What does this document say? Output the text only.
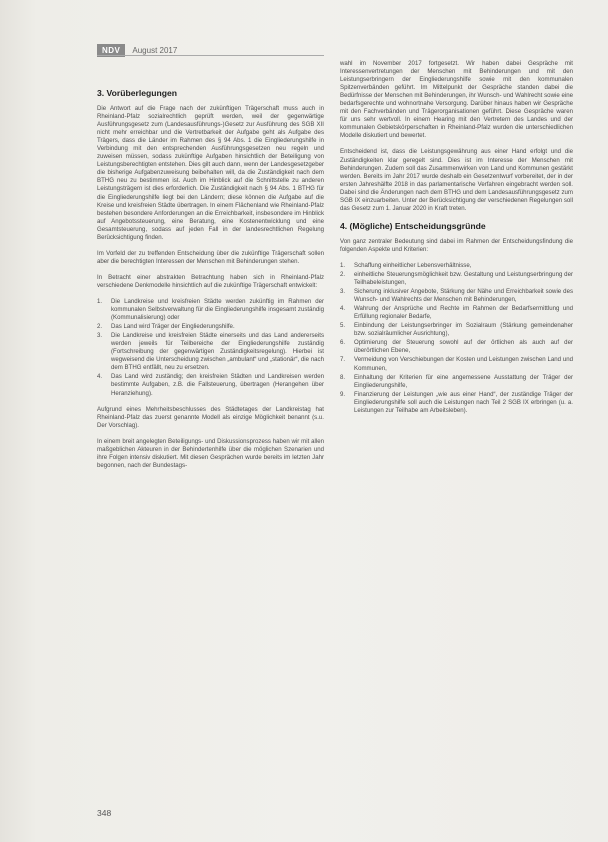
NDV	August 2017
3. Vorüberlegungen

Die Antwort auf die Frage nach der zukünftigen Trägerschaft muss auch in Rheinland-Pfalz sozialrechtlich geprüft werden, weil der gegenwärtige Ausführungsgesetz zum (Landesausführungs-)Gesetz zur Ausführung des SGB XII nicht mehr erreichbar und die Vertretbarkeit der Aufgabe geht als Aufgabe des Trägers, dass die Länder im Rahmen des § 94 Abs. 1 die Eingliederungshilfe in Verbindung mit den entsprechenden Ausführungsgesetzen neu regeln und zuweisen müssen, sodass zukünftige Aufgaben hinsichtlich der Beteiligung von Leistungsberechtigten entstehen. Dies gilt auch dann, wenn der Landesgesetzgeber die bisherige Aufgabenzuweisung beibehalten will, da die Zuständigkeit nach dem BTHG neu zu bestimmen ist. Auch im Hinblick auf die Schnittstelle zu anderen Leistungsträgern ist dies erforderlich. Die Zuständigkeit nach § 94 Abs. 1 BTHG für die Eingliederungshilfe liegt bei den Ländern; diese können die Aufgabe auf die Kreise und kreisfreien Städte übertragen. In einem Flächenland wie Rheinland-Pfalz bestehen besondere Anforderungen an die Erreichbarkeit, insbesondere im Hinblick auf Angebotssteuerung, eine Beratung, eine Kostenentwicklung und eine Gesamtsteuerung, sodass auf jeden Fall in der landesrechtlichen Regelung Berücksichtigung finden.

Im Vorfeld der zu treffenden Entscheidung über die zukünftige Trägerschaft sollen aber die berechtigten Interessen der Menschen mit Behinderungen stehen.

In Betracht einer abstrakten Betrachtung haben sich in Rheinland-Pfalz verschiedene Denkmodelle hinsichtlich auf die zukünftige Trägerschaft entwickelt:

1. Die Landkreise und kreisfreien Städte werden zukünftig im Rahmen der kommunalen Selbstverwaltung für die Eingliederungshilfe insgesamt zuständig (Kommunalisierung) oder
2. Das Land wird Träger der Eingliederungshilfe.
3. Die Landkreise und kreisfreien Städte einerseits und das Land andererseits werden jeweils für Teilbereiche der Eingliederungshilfe zuständig (Fortschreibung der gegenwärtigen Zuständigkeitsregelung). Hierbei ist wegweisend die Unterscheidung zwischen „ambulant“ und „stationär“, die nach dem BTHG entfällt, neu zu ersetzen.
4. Das Land wird zuständig; den kreisfreien Städten und Landkreisen werden bestimmte Aufgaben, z.B. die Fallsteuerung, übertragen (Herangehen über Heranziehung).

Aufgrund eines Mehrheitsbeschlusses des Städtetages der Landkreistag hat Rheinland-Pfalz das zuerst genannte Modell als einzige Möglichkeit benannt (s.u. Der Vorschlag).

In einem breit angelegten Beteiligungs- und Diskussionsprozess haben wir mit allen maßgeblichen Akteuren in der Behindertenhilfe über die möglichen Szenarien und ihre Folgen intensiv diskutiert. Mit diesen Gesprächen wurde bereits im letzten Jahr begonnen, nach der Bundestags-

wahl im November 2017 fortgesetzt. Wir haben dabei Gespräche mit Interessenvertretungen der Menschen mit Behinderungen und mit den Leistungserbringern der Eingliederungshilfe sowie mit den kommunalen Spitzenverbänden geführt. Im Mittelpunkt der Gespräche standen dabei die Bedürfnisse der Menschen mit Behinderungen, ihr Wunsch- und Wahlrecht sowie eine bedarfsgerechte und wohnortnahe Versorgung. Darüber hinaus haben wir Gespräche mit den Fachverbänden und Trägerorganisationen geführt. Diese Gespräche waren für uns sehr wertvoll. In einem Hearing mit den Vertretern des Landes und der kommunalen Gebietskörperschaften in Rheinland-Pfalz wurden die unterschiedlichen Modelle diskutiert und bewertet.

Entscheidend ist, dass die Leistungsgewährung aus einer Hand erfolgt und die Zuständigkeiten klar geregelt sind. Dies ist im Interesse der Menschen mit Behinderungen. Zudem soll das Zusammenwirken von Land und Kommunen gestärkt werden. Bereits im Jahr 2017 wurde deshalb ein Gesetzentwurf vorbereitet, der in der ersten Jahreshälfte 2018 in das parlamentarische Verfahren eingebracht werden soll. Dabei sind die Änderungen nach dem BTHG und dem Landesausführungsgesetz zum SGB IX einzuarbeiten. Unter der Berücksichtigung der verschiedenen Regelungen soll das Gesetz zum 1. Januar 2020 in Kraft treten.

4. (Mögliche) Entscheidungsgründe

Von ganz zentraler Bedeutung sind dabei im Rahmen der Entscheidungsfindung die folgenden Aspekte und Kriterien:

1. Schaffung einheitlicher Lebensverhältnisse,
2. einheitliche Steuerungsmöglichkeit bzw. Gestaltung und Leistungserbringung der Teilhabeleistungen,
3. Sicherung inklusiver Angebote, Stärkung der Nähe und Erreichbarkeit sowie des Wunsch- und Wahlrechts der Menschen mit Behinderungen,
4. Wahrung der Ansprüche und Rechte im Rahmen der Bedarfsermittlung und Erfüllung regionaler Bedarfe,
5. Einbindung der Leistungserbringer im Sozialraum (Stärkung gemeindenaher bzw. sozialräumlicher Ausrichtung),
6. Optimierung der Steuerung sowohl auf der örtlichen als auch auf der überörtlichen Ebene,
7. Vermeidung von Verschiebungen der Kosten und Leistungen zwischen Land und Kommunen,
8. Einhaltung der Kriterien für eine angemessene Ausstattung der Träger der Eingliederungshilfe,
9. Finanzierung der Leistungen „wie aus einer Hand“, der zuständige Träger der Eingliederungshilfe soll auch die Leistungen nach Teil 2 SGB IX erbringen (u. a. Leistungen zur Teilhabe am Arbeitsleben).
348
